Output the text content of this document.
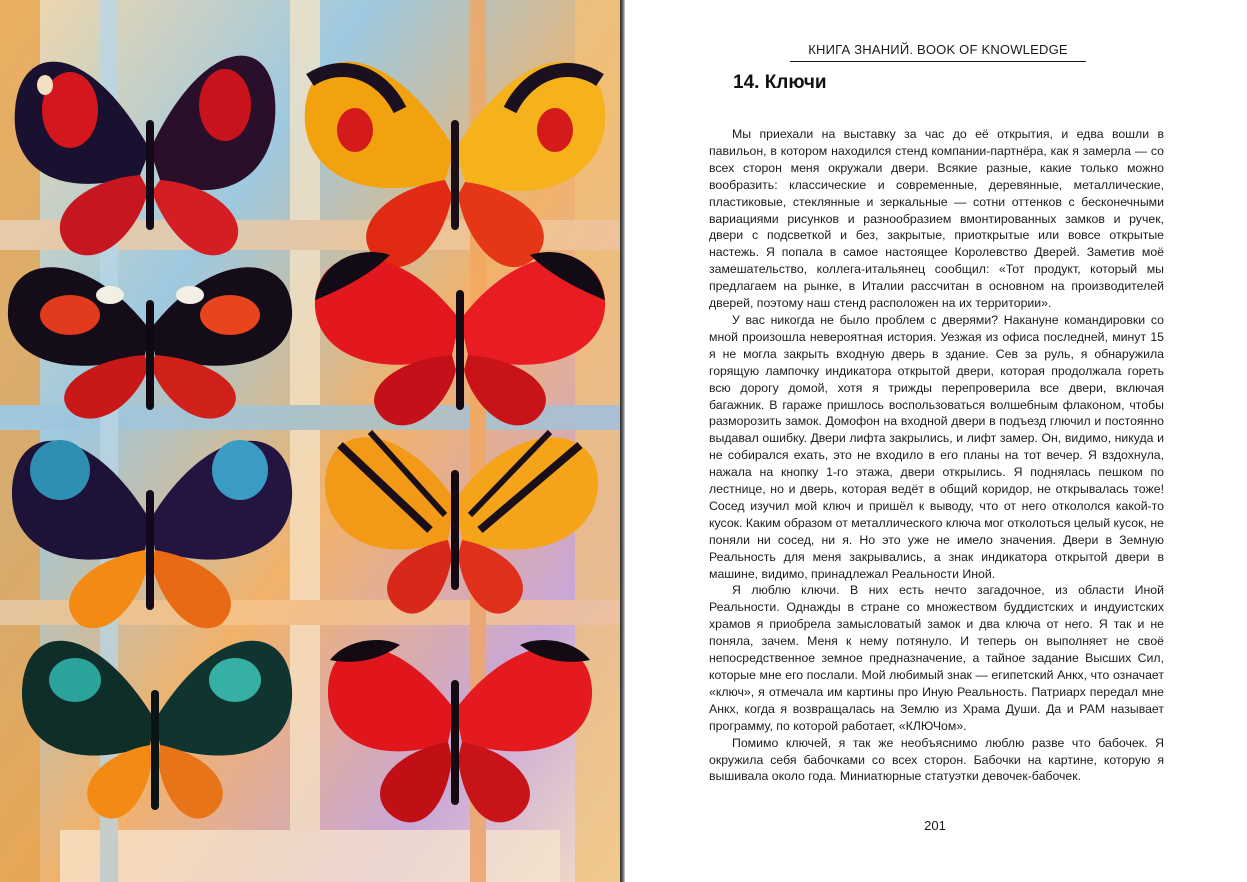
КНИГА ЗНАНИЙ. BOOK OF KNOWLEDGE
14. Ключи

Мы приехали на выставку за час до её открытия, и едва вошли в павильон, в котором находился стенд компании-партнёра, как я замерла — со всех сторон меня окружали двери. Всякие разные, какие только можно вообразить: классические и современные, деревянные, металлические, пластиковые, стеклянные и зеркальные — сотни оттенков с бесконечными вариациями рисунков и разнообразием вмонтированных замков и ручек, двери с подсветкой и без, закрытые, приоткрытые или вовсе открытые настежь. Я попала в самое настоящее Королевство Дверей. Заметив моё замешательство, коллега-итальянец сообщил: «Тот продукт, который мы предлагаем на рынке, в Италии рассчитан в основном на производителей дверей, поэтому наш стенд расположен на их территории».

У вас никогда не было проблем с дверями? Накануне командировки со мной произошла невероятная история. Уезжая из офиса последней, минут 15 я не могла закрыть входную дверь в здание. Сев за руль, я обнаружила горящую лампочку индикатора открытой двери, которая продолжала гореть всю дорогу домой, хотя я трижды перепроверила все двери, включая багажник. В гараже пришлось воспользоваться волшебным флаконом, чтобы разморозить замок. Домофон на входной двери в подъезд глючил и постоянно выдавал ошибку. Двери лифта закрылись, и лифт замер. Он, видимо, никуда и не собирался ехать, это не входило в его планы на тот вечер. Я вздохнула, нажала на кнопку 1-го этажа, двери открылись. Я поднялась пешком по лестнице, но и дверь, которая ведёт в общий коридор, не открывалась тоже! Сосед изучил мой ключ и пришёл к выводу, что от него откололся какой-то кусок. Каким образом от металлического ключа мог отколоться целый кусок, не поняли ни сосед, ни я. Но это уже не имело значения. Двери в Земную Реальность для меня закрывались, а знак индикатора открытой двери в машине, видимо, принадлежал Реальности Иной.

Я люблю ключи. В них есть нечто загадочное, из области Иной Реальности. Однажды в стране со множеством буддистских и индуистских храмов я приобрела замысловатый замок и два ключа от него. Я так и не поняла, зачем. Меня к нему потянуло. И теперь он выполняет не своё непосредственное земное предназначение, а тайное задание Высших Сил, которые мне его послали. Мой любимый знак — египетский Анкх, что означает «ключ», я отмечала им картины про Иную Реальность. Патриарх передал мне Анкх, когда я возвращалась на Землю из Храма Души. Да и РАМ называет программу, по которой работает, «КЛЮЧом».

Помимо ключей, я так же необъяснимо люблю разве что бабочек. Я окружила себя бабочками со всех сторон. Бабочки на картине, которую я вышивала около года. Миниатюрные статуэтки девочек-бабочек.

201
